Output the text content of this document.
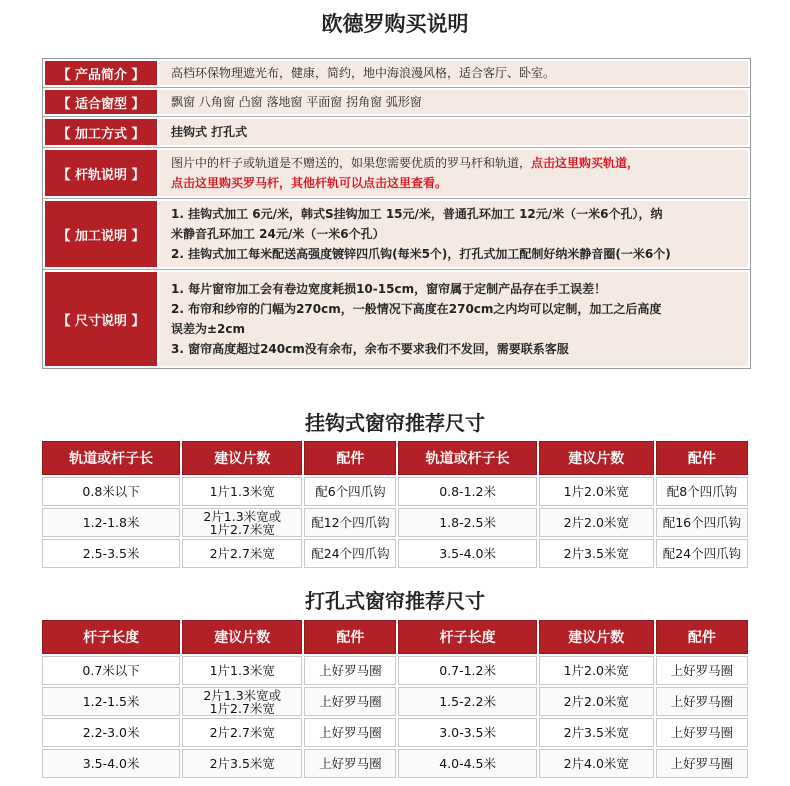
欧德罗购买说明
【 产品简介 】	高档环保物理遮光布，健康，简约，地中海浪漫风格，适合客厅、卧室。
【 适合窗型 】	飘窗 八角窗 凸窗 落地窗 平面窗 拐角窗 弧形窗
【 加工方式 】	挂钩式 打孔式
【 杆轨说明 】
图片中的杆子或轨道是不赠送的，如果您需要优质的罗马杆和轨道，点击这里购买轨道，
点击这里购买罗马杆，其他杆轨可以点击这里查看。
【 加工说明 】
1. 挂钩式加工 6元/米，韩式S挂钩加工 15元/米，普通孔环加工 12元/米（一米6个孔），纳
米静音孔环加工 24元/米（一米6个孔）
2. 挂钩式加工每米配送高强度镀锌四爪钩(每米5个)，打孔式加工配制好纳米静音圈(一米6个)
【 尺寸说明 】
1. 每片窗帘加工会有卷边宽度耗损10-15cm，窗帘属于定制产品存在手工误差！
2. 布帘和纱帘的门幅为270cm，一般情况下高度在270cm之内均可以定制，加工之后高度
误差为±2cm
3. 窗帘高度超过240cm没有余布，余布不要求我们不发回，需要联系客服
挂钩式窗帘推荐尺寸
轨道或杆子长	建议片数	配件	轨道或杆子长	建议片数	配件
0.8米以下	1片1.3米宽	配6个四爪钩	0.8-1.2米	1片2.0米宽	配8个四爪钩
1.2-1.8米	2片1.3米宽或
1片2.7米宽	配12个四爪钩	1.8-2.5米	2片2.0米宽	配16个四爪钩
2.5-3.5米	2片2.7米宽	配24个四爪钩	3.5-4.0米	2片3.5米宽	配24个四爪钩
打孔式窗帘推荐尺寸
杆子长度	建议片数	配件	杆子长度	建议片数	配件
0.7米以下	1片1.3米宽	上好罗马圈	0.7-1.2米	1片2.0米宽	上好罗马圈
1.2-1.5米	2片1.3米宽或
1片2.7米宽	上好罗马圈	1.5-2.2米	2片2.0米宽	上好罗马圈
2.2-3.0米	2片2.7米宽	上好罗马圈	3.0-3.5米	2片3.5米宽	上好罗马圈
3.5-4.0米	2片3.5米宽	上好罗马圈	4.0-4.5米	2片4.0米宽	上好罗马圈
